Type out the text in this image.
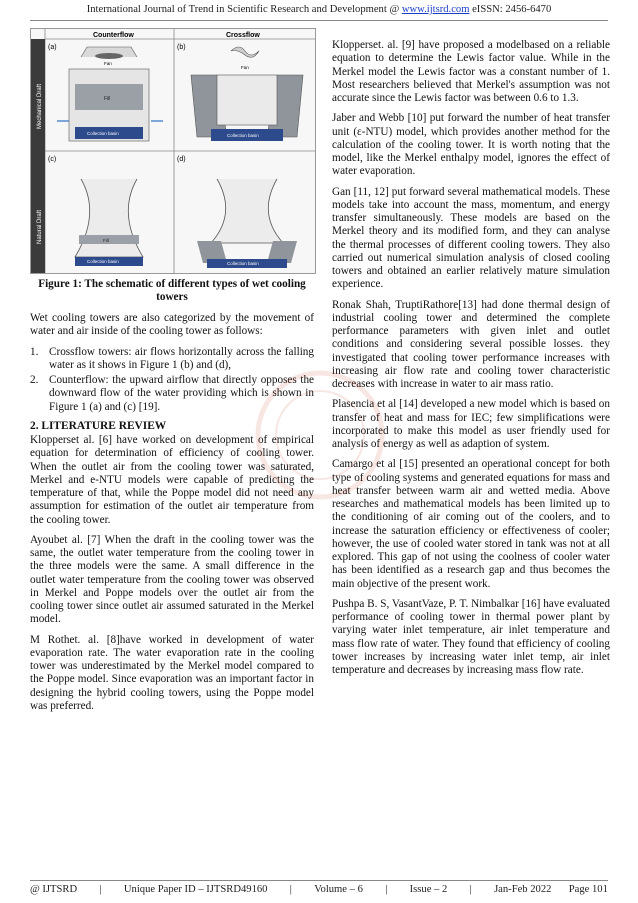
International Journal of Trend in Scientific Research and Development @ www.ijtsrd.com eISSN: 2456-6470
Mechanical Draft
Natural Draft
Counterflow	Crossflow
(a)	(b)
(c)	(d)
Fan
Fill
Collection basin
Fan
Collection basin
Fill
Collection basin	Collection basin
Figure 1: The schematic of different types of wet cooling towers

Wet cooling towers are also categorized by the movement of water and air inside of the cooling tower as follows:

1. Crossflow towers: air flows horizontally across the falling water as it shows in Figure 1 (b) and (d),
2. Counterflow: the upward airflow that directly opposes the downward flow of the water providing which is shown in Figure 1 (a) and (c) [19].
2. LITERATURE REVIEW

Klopperset al. [6] have worked on development of empirical equation for determination of efficiency of cooling tower. When the outlet air from the cooling tower was saturated, Merkel and e-NTU models were capable of predicting the temperature of that, while the Poppe model did not need any assumption for estimation of the outlet air temperature from the cooling tower.

Ayoubet al. [7] When the draft in the cooling tower was the same, the outlet water temperature from the cooling tower in the three models were the same. A small difference in the outlet water temperature from the cooling tower was observed in Merkel and Poppe models over the outlet air from the cooling tower since outlet air assumed saturated in the Merkel model.

M Rothet. al. [8]have worked in development of water evaporation rate. The water evaporation rate in the cooling tower was underestimated by the Merkel model compared to the Poppe model. Since evaporation was an important factor in designing the hybrid cooling towers, using the Poppe model was preferred.

Klopperset. al. [9] have proposed a modelbased on a reliable equation to determine the Lewis factor value. While in the Merkel model the Lewis factor was a constant number of 1. Most researchers believed that Merkel's assumption was not accurate since the Lewis factor was between 0.6 to 1.3.

Jaber and Webb [10] put forward the number of heat transfer unit (ε-NTU) model, which provides another method for the calculation of the cooling tower. It is worth noting that the model, like the Merkel enthalpy model, ignores the effect of water evaporation.

Gan [11, 12] put forward several mathematical models. These models take into account the mass, momentum, and energy transfer simultaneously. These models are based on the Merkel theory and its modified form, and they can analyse the thermal processes of different cooling towers. They also carried out numerical simulation analysis of closed cooling towers and obtained an earlier relatively mature simulation experience.

Ronak Shah, TruptiRathore[13] had done thermal design of industrial cooling tower and determined the complete performance parameters with given inlet and outlet conditions and considering several possible losses. they investigated that cooling tower performance increases with increasing air flow rate and cooling tower characteristic decreases with increase in water to air mass ratio.

Plasencia et al [14] developed a new model which is based on transfer of heat and mass for IEC; few simplifications were incorporated to make this model as user friendly used for analysis of energy as well as adaption of system.

Camargo et al [15] presented an operational concept for both type of cooling systems and generated equations for mass and heat transfer between warm air and wetted media. Above researches and mathematical models has been limited up to the conditioning of air coming out of the coolers, and to increase the saturation efficiency or effectiveness of cooler; however, the use of cooled water stored in tank was not at all explored. This gap of not using the coolness of cooler water has been identified as a research gap and thus becomes the main objective of the present work.

Pushpa B. S, VasantVaze, P. T. Nimbalkar [16] have evaluated performance of cooling tower in thermal power plant by varying water inlet temperature, air inlet temperature and mass flow rate of water. They found that efficiency of cooling tower increases by increasing water inlet temp, air inlet temperature and decreases by increasing mass flow rate.

@ IJTSRD | Unique Paper ID – IJTSRD49160 | Volume – 6 | Issue – 2 | Jan-Feb 2022 Page 101
